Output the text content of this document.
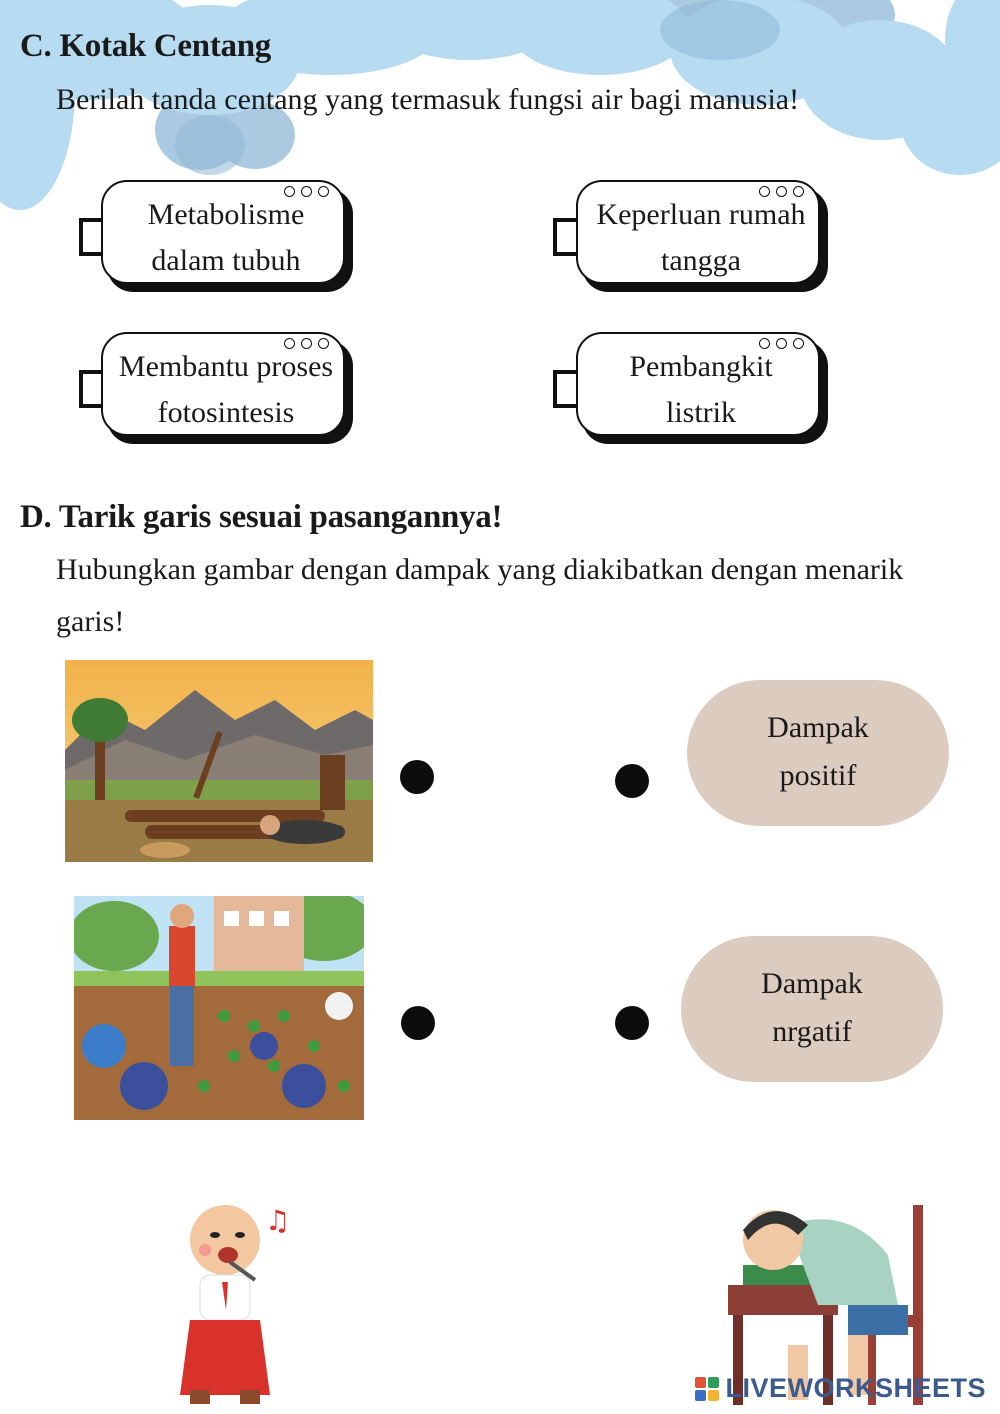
C. Kotak Centang
Berilah tanda centang yang termasuk fungsi air bagi manusia!
Metabolisme
dalam tubuh
Keperluan rumah
tangga
Membantu proses
fotosintesis
Pembangkit
listrik
D. Tarik garis sesuai pasangannya!
Hubungkan gambar dengan dampak yang diakibatkan dengan menarik
garis!
Dampak
positif
Dampak
nrgatif
♫
LIVEWORKSHEETS
